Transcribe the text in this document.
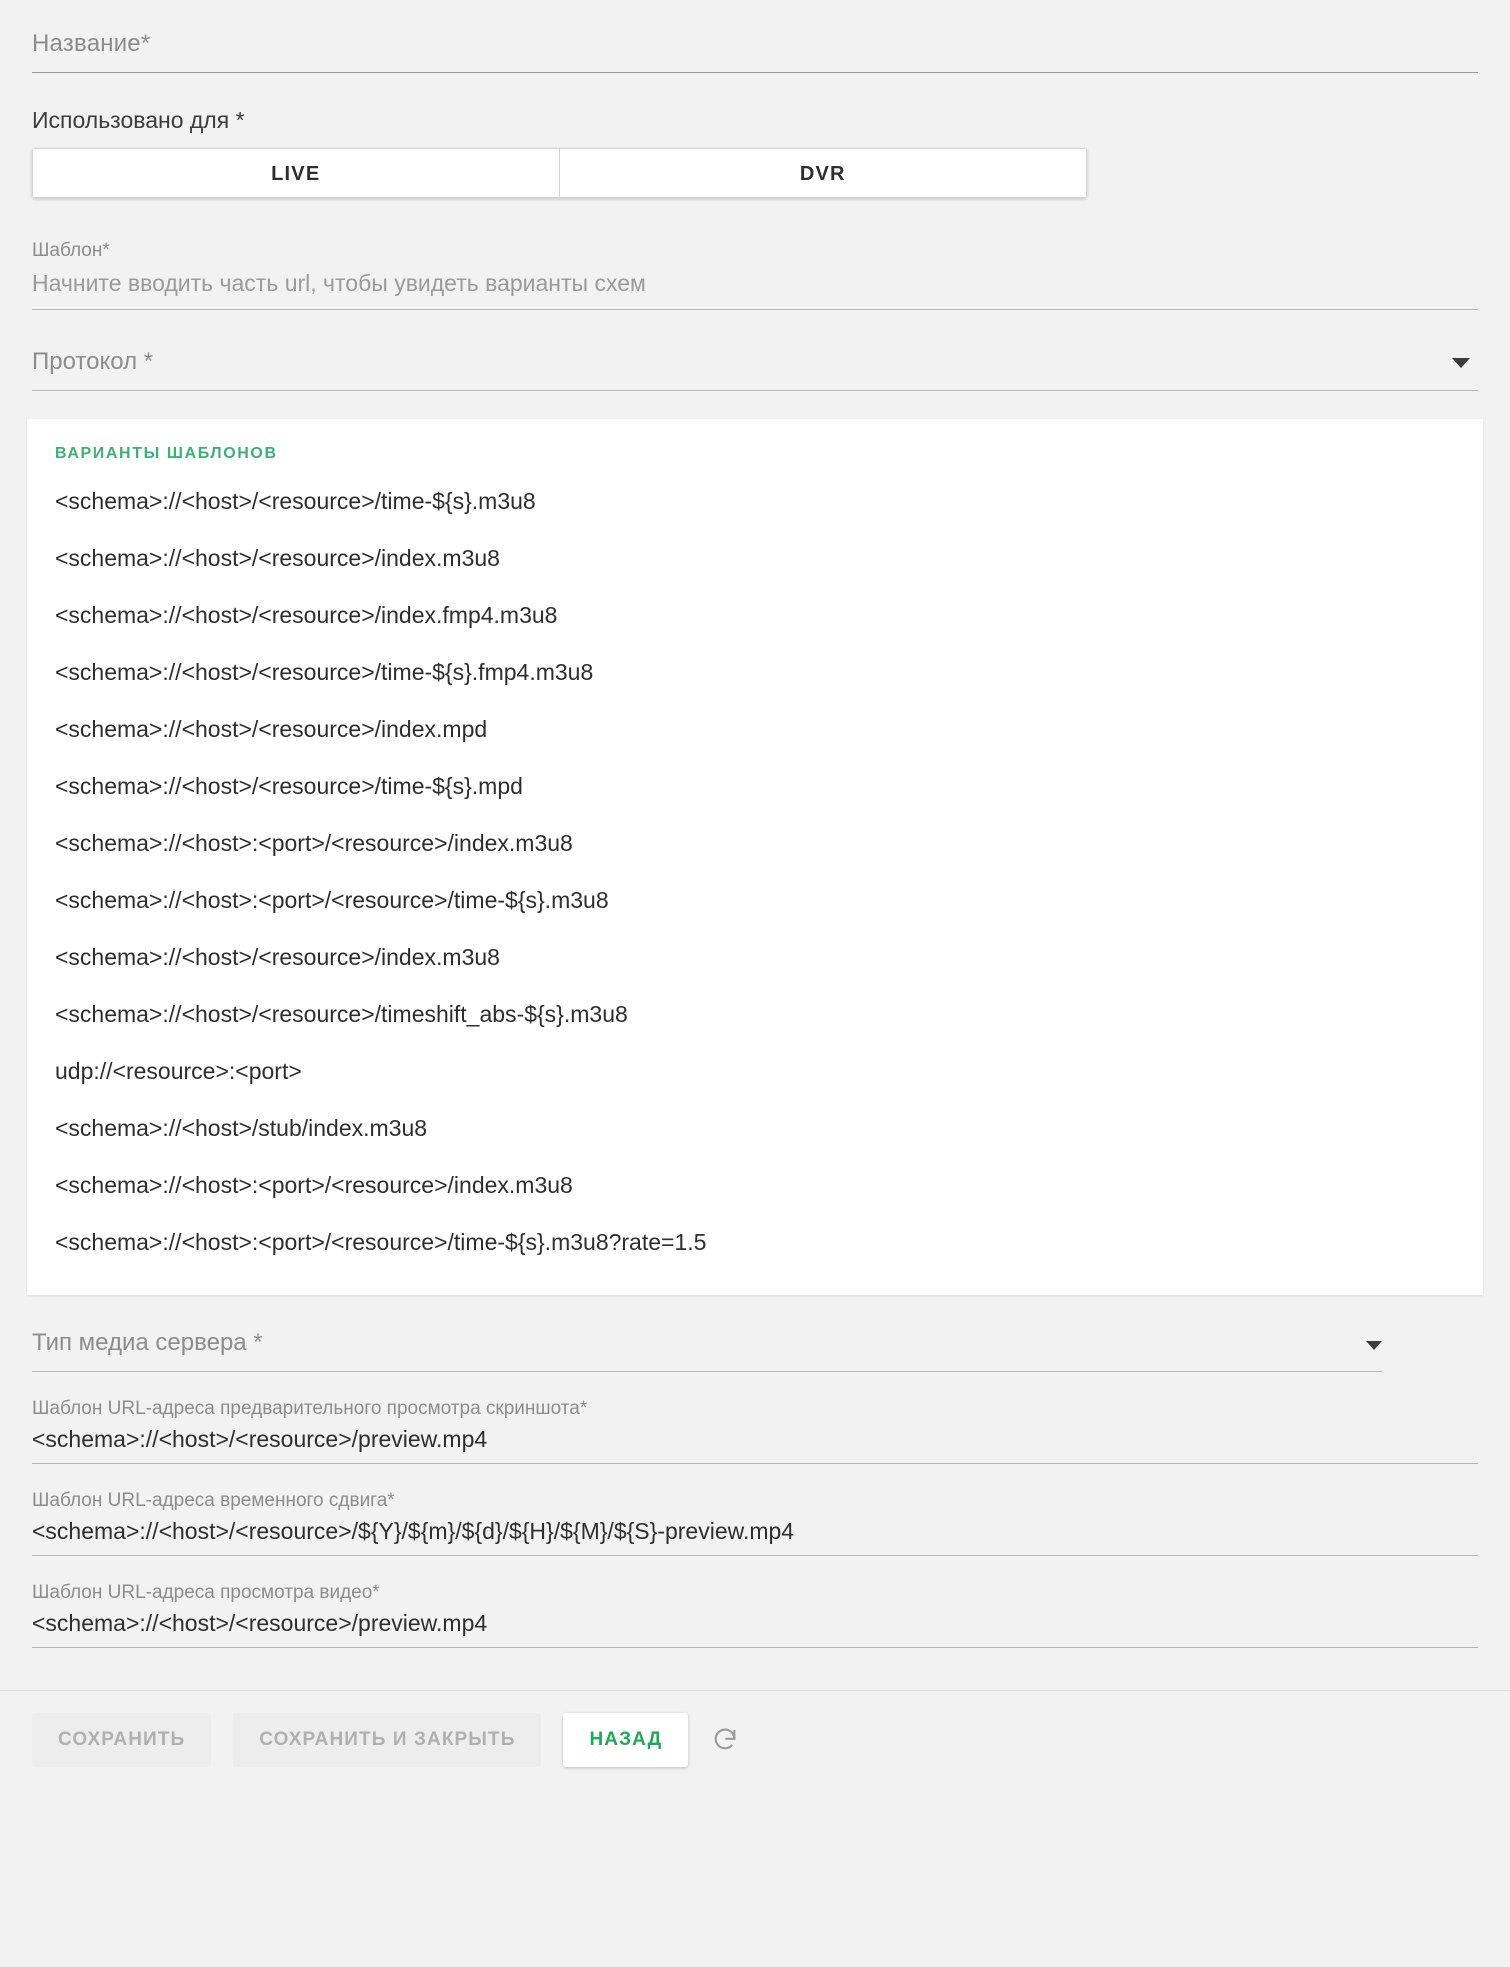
Название*
Использовано для *
LIVE	DVR
Шаблон*
Начните вводить часть url, чтобы увидеть варианты схем
Протокол *
ВАРИАНТЫ ШАБЛОНОВ
<schema>://<host>/<resource>/time-${s}.m3u8
<schema>://<host>/<resource>/index.m3u8
<schema>://<host>/<resource>/index.fmp4.m3u8
<schema>://<host>/<resource>/time-${s}.fmp4.m3u8
<schema>://<host>/<resource>/index.mpd
<schema>://<host>/<resource>/time-${s}.mpd
<schema>://<host>:<port>/<resource>/index.m3u8
<schema>://<host>:<port>/<resource>/time-${s}.m3u8
<schema>://<host>/<resource>/index.m3u8
<schema>://<host>/<resource>/timeshift_abs-${s}.m3u8
udp://<resource>:<port>
<schema>://<host>/stub/index.m3u8
<schema>://<host>:<port>/<resource>/index.m3u8
<schema>://<host>:<port>/<resource>/time-${s}.m3u8?rate=1.5
Тип медиа сервера *
Шаблон URL-адреса предварительного просмотра скриншота*
<schema>://<host>/<resource>/preview.mp4
Шаблон URL-адреса временного сдвига*
<schema>://<host>/<resource>/${Y}/${m}/${d}/${H}/${M}/${S}-preview.mp4
Шаблон URL-адреса просмотра видео*
<schema>://<host>/<resource>/preview.mp4
СОХРАНИТЬ	СОХРАНИТЬ И ЗАКРЫТЬ	НАЗАД
